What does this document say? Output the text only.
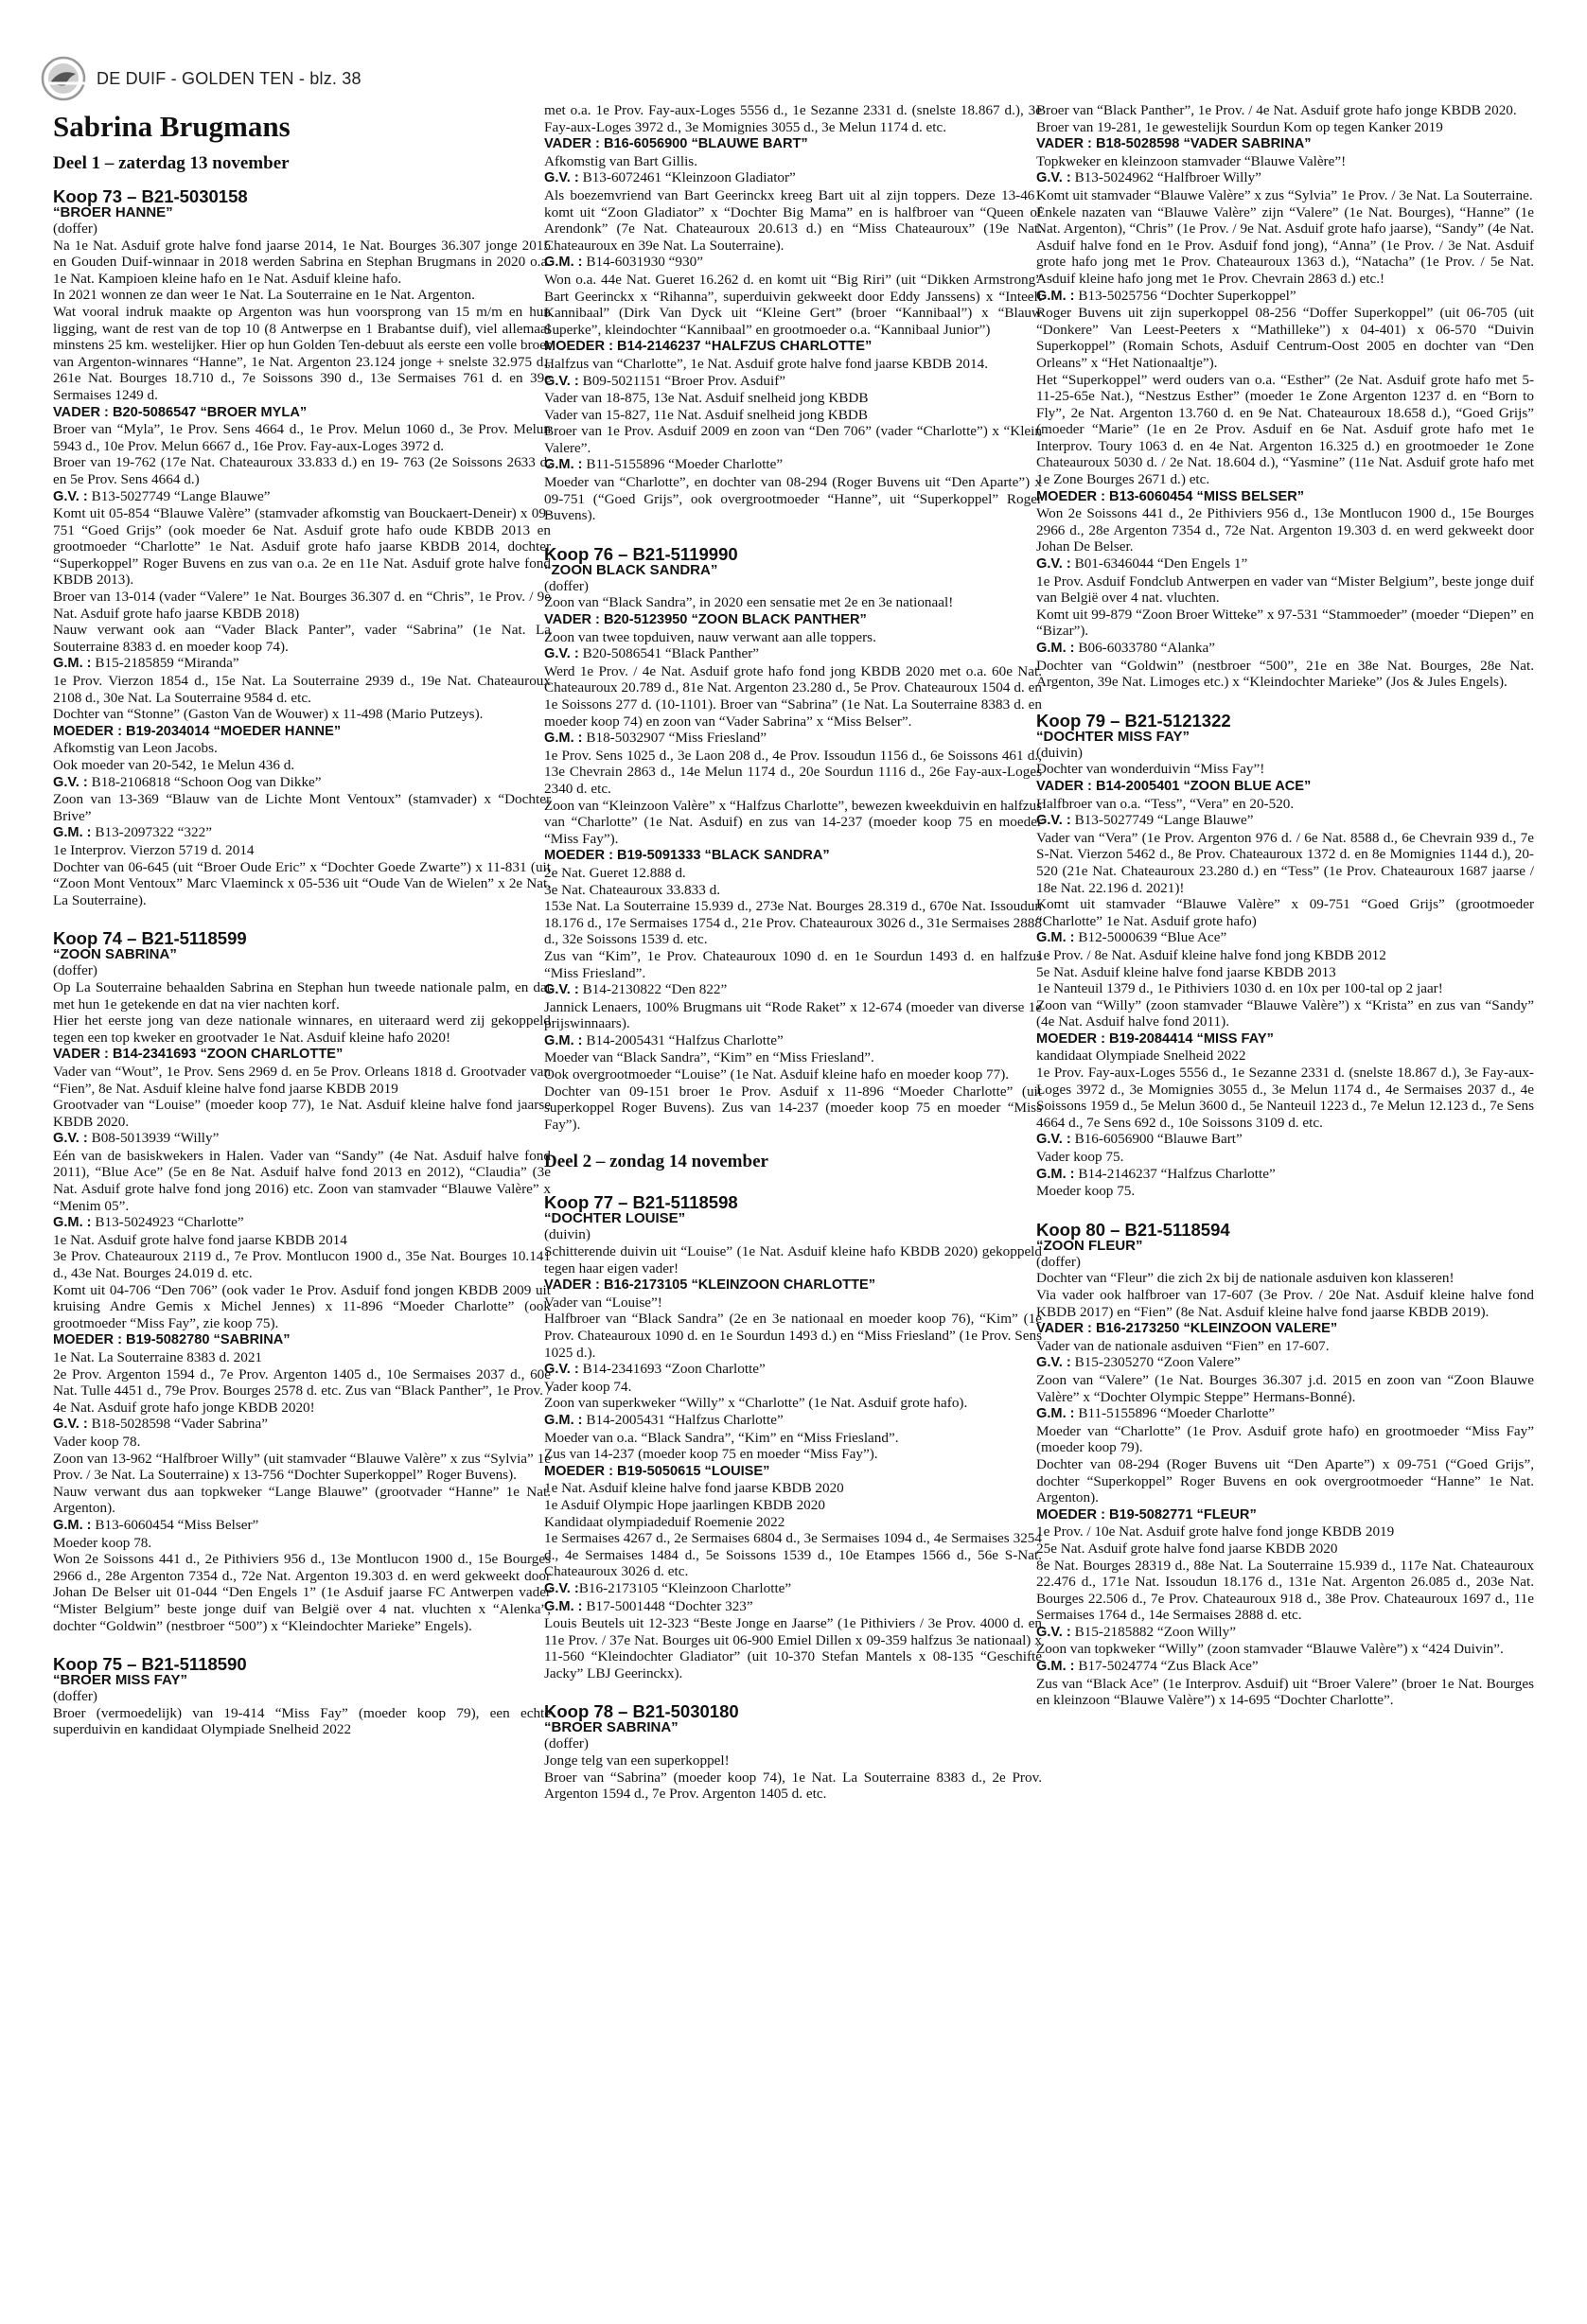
DE DUIF - GOLDEN TEN - blz. 38
Sabrina Brugmans
Deel 1 – zaterdag 13 november
Koop 73 – B21-5030158
“BROER HANNE”

(doffer)

Na 1e Nat. Asduif grote halve fond jaarse 2014, 1e Nat. Bourges 36.307 jonge 2015 en Gouden Duif-winnaar in 2018 werden Sabrina en Stephan Brugmans in 2020 o.a. 1e Nat. Kampioen kleine hafo en 1e Nat. Asduif kleine hafo.

In 2021 wonnen ze dan weer 1e Nat. La Souterraine en 1e Nat. Argenton.

Wat vooral indruk maakte op Argenton was hun voorsprong van 15 m/m en hun ligging, want de rest van de top 10 (8 Antwerpse en 1 Brabantse duif), viel allemaal minstens 25 km. westelijker. Hier op hun Golden Ten-debuut als eerste een volle broer van Argenton-winnares “Hanne”, 1e Nat. Argenton 23.124 jonge + snelste 32.975 d., 261e Nat. Bourges 18.710 d., 7e Soissons 390 d., 13e Sermaises 761 d. en 39e Sermaises 1249 d.

VADER : B20-5086547 “BROER MYLA”

Broer van “Myla”, 1e Prov. Sens 4664 d., 1e Prov. Melun 1060 d., 3e Prov. Melun 5943 d., 10e Prov. Melun 6667 d., 16e Prov. Fay-aux-Loges 3972 d.

Broer van 19-762 (17e Nat. Chateauroux 33.833 d.) en 19- 763 (2e Soissons 2633 d. en 5e Prov. Sens 4664 d.)

G.V. : B13-5027749 “Lange Blauwe”

Komt uit 05-854 “Blauwe Valère” (stamvader afkomstig van Bouckaert-Deneir) x 09-751 “Goed Grijs” (ook moeder 6e Nat. Asduif grote hafo oude KBDB 2013 en grootmoeder “Charlotte” 1e Nat. Asduif grote hafo jaarse KBDB 2014, dochter “Superkoppel” Roger Buvens en zus van o.a. 2e en 11e Nat. Asduif grote halve fond KBDB 2013).

Broer van 13-014 (vader “Valere” 1e Nat. Bourges 36.307 d. en “Chris”, 1e Prov. / 9e Nat. Asduif grote hafo jaarse KBDB 2018)

Nauw verwant ook aan “Vader Black Panter”, vader “Sabrina” (1e Nat. La Souterraine 8383 d. en moeder koop 74).

G.M. : B15-2185859 “Miranda”

1e Prov. Vierzon 1854 d., 15e Nat. La Souterraine 2939 d., 19e Nat. Chateauroux 2108 d., 30e Nat. La Souterraine 9584 d. etc.

Dochter van “Stonne” (Gaston Van de Wouwer) x 11-498 (Mario Putzeys).

MOEDER : B19-2034014 “MOEDER HANNE”

Afkomstig van Leon Jacobs.

Ook moeder van 20-542, 1e Melun 436 d.

G.V. : B18-2106818 “Schoon Oog van Dikke”

Zoon van 13-369 “Blauw van de Lichte Mont Ventoux” (stamvader) x “Dochter Brive”

G.M. : B13-2097322 “322”

1e Interprov. Vierzon 5719 d. 2014

Dochter van 06-645 (uit “Broer Oude Eric” x “Dochter Goede Zwarte”) x 11-831 (uit “Zoon Mont Ventoux” Marc Vlaeminck x 05-536 uit “Oude Van de Wielen” x 2e Nat. La Souterraine).

Koop 74 – B21-5118599
“ZOON SABRINA”

(doffer)

Op La Souterraine behaalden Sabrina en Stephan hun tweede nationale palm, en dat met hun 1e getekende en dat na vier nachten korf.

Hier het eerste jong van deze nationale winnares, en uiteraard werd zij gekoppeld tegen een top kweker en grootvader 1e Nat. Asduif kleine hafo 2020!

VADER : B14-2341693 “ZOON CHARLOTTE”

Vader van “Wout”, 1e Prov. Sens 2969 d. en 5e Prov. Orleans 1818 d. Grootvader van “Fien”, 8e Nat. Asduif kleine halve fond jaarse KBDB 2019

Grootvader van “Louise” (moeder koop 77), 1e Nat. Asduif kleine halve fond jaarse KBDB 2020.

G.V. : B08-5013939 “Willy”

Eén van de basiskwekers in Halen. Vader van “Sandy” (4e Nat. Asduif halve fond 2011), “Blue Ace” (5e en 8e Nat. Asduif halve fond 2013 en 2012), “Claudia” (3e Nat. Asduif grote halve fond jong 2016) etc. Zoon van stamvader “Blauwe Valère” x “Menim 05”.

G.M. : B13-5024923 “Charlotte”

1e Nat. Asduif grote halve fond jaarse KBDB 2014

3e Prov. Chateauroux 2119 d., 7e Prov. Montlucon 1900 d., 35e Nat. Bourges 10.141 d., 43e Nat. Bourges 24.019 d. etc.

Komt uit 04-706 “Den 706” (ook vader 1e Prov. Asduif fond jongen KBDB 2009 uit kruising Andre Gemis x Michel Jennes) x 11-896 “Moeder Charlotte” (ook grootmoeder “Miss Fay”, zie koop 75).

MOEDER : B19-5082780 “SABRINA”

1e Nat. La Souterraine 8383 d. 2021

2e Prov. Argenton 1594 d., 7e Prov. Argenton 1405 d., 10e Sermaises 2037 d., 60e Nat. Tulle 4451 d., 79e Prov. Bourges 2578 d. etc. Zus van “Black Panther”, 1e Prov. / 4e Nat. Asduif grote hafo jonge KBDB 2020!

G.V. : B18-5028598 “Vader Sabrina”

Vader koop 78.

Zoon van 13-962 “Halfbroer Willy” (uit stamvader “Blauwe Valère” x zus “Sylvia” 1e Prov. / 3e Nat. La Souterraine) x 13-756 “Dochter Superkoppel” Roger Buvens).

Nauw verwant dus aan topkweker “Lange Blauwe” (grootvader “Hanne” 1e Nat. Argenton).

G.M. : B13-6060454 “Miss Belser”

Moeder koop 78.

Won 2e Soissons 441 d., 2e Pithiviers 956 d., 13e Montlucon 1900 d., 15e Bourges 2966 d., 28e Argenton 7354 d., 72e Nat. Argenton 19.303 d. en werd gekweekt door Johan De Belser uit 01-044 “Den Engels 1” (1e Asduif jaarse FC Antwerpen vader “Mister Belgium” beste jonge duif van België over 4 nat. vluchten x “Alenka”, dochter “Goldwin” (nestbroer “500”) x “Kleindochter Marieke” Engels).

Koop 75 – B21-5118590
“BROER MISS FAY”

(doffer)

Broer (vermoedelijk) van 19-414 “Miss Fay” (moeder koop 79), een echte superduivin en kandidaat Olympiade Snelheid 2022

met o.a. 1e Prov. Fay-aux-Loges 5556 d., 1e Sezanne 2331 d. (snelste 18.867 d.), 3e Fay-aux-Loges 3972 d., 3e Momignies 3055 d., 3e Melun 1174 d. etc.

VADER : B16-6056900 “BLAUWE BART”

Afkomstig van Bart Gillis.

G.V. : B13-6072461 “Kleinzoon Gladiator”

Als boezemvriend van Bart Geerinckx kreeg Bart uit al zijn toppers. Deze 13-461 komt uit “Zoon Gladiator” x “Dochter Big Mama” en is halfbroer van “Queen of Arendonk” (7e Nat. Chateauroux 20.613 d.) en “Miss Chateauroux” (19e Nat. Chateauroux en 39e Nat. La Souterraine).

G.M. : B14-6031930 “930”

Won o.a. 44e Nat. Gueret 16.262 d. en komt uit “Big Riri” (uit “Dikken Armstrong” Bart Geerinckx x “Rihanna”, superduivin gekweekt door Eddy Janssens) x “Inteelt Kannibaal” (Dirk Van Dyck uit “Kleine Gert” (broer “Kannibaal”) x “Blauw Superke”, kleindochter “Kannibaal” en grootmoeder o.a. “Kannibaal Junior”)

MOEDER : B14-2146237 “HALFZUS CHARLOTTE”

Halfzus van “Charlotte”, 1e Nat. Asduif grote halve fond jaarse KBDB 2014.

G.V. : B09-5021151 “Broer Prov. Asduif”

Vader van 18-875, 13e Nat. Asduif snelheid jong KBDB

Vader van 15-827, 11e Nat. Asduif snelheid jong KBDB

Broer van 1e Prov. Asduif 2009 en zoon van “Den 706” (vader “Charlotte”) x “Klein Valere”.

G.M. : B11-5155896 “Moeder Charlotte”

Moeder van “Charlotte”, en dochter van 08-294 (Roger Buvens uit “Den Aparte”) x 09-751 (“Goed Grijs”, ook overgrootmoeder “Hanne”, uit “Superkoppel” Roger Buvens).

Koop 76 – B21-5119990
“ZOON BLACK SANDRA”

(doffer)

Zoon van “Black Sandra”, in 2020 een sensatie met 2e en 3e nationaal!

VADER : B20-5123950 “ZOON BLACK PANTHER”

Zoon van twee topduiven, nauw verwant aan alle toppers.

G.V. : B20-5086541 “Black Panther”

Werd 1e Prov. / 4e Nat. Asduif grote hafo fond jong KBDB 2020 met o.a. 60e Nat. Chateauroux 20.789 d., 81e Nat. Argenton 23.280 d., 5e Prov. Chateauroux 1504 d. en 1e Soissons 277 d. (10-1101). Broer van “Sabrina” (1e Nat. La Souterraine 8383 d. en moeder koop 74) en zoon van “Vader Sabrina” x “Miss Belser”.

G.M. : B18-5032907 “Miss Friesland”

1e Prov. Sens 1025 d., 3e Laon 208 d., 4e Prov. Issoudun 1156 d., 6e Soissons 461 d., 13e Chevrain 2863 d., 14e Melun 1174 d., 20e Sourdun 1116 d., 26e Fay-aux-Loges 2340 d. etc.

Zoon van “Kleinzoon Valère” x “Halfzus Charlotte”, bewezen kweekduivin en halfzus van “Charlotte” (1e Nat. Asduif) en zus van 14-237 (moeder koop 75 en moeder “Miss Fay”).

MOEDER : B19-5091333 “BLACK SANDRA”

2e Nat. Gueret 12.888 d.

3e Nat. Chateauroux 33.833 d.

153e Nat. La Souterraine 15.939 d., 273e Nat. Bourges 28.319 d., 670e Nat. Issoudun 18.176 d., 17e Sermaises 1754 d., 21e Prov. Chateauroux 3026 d., 31e Sermaises 2888 d., 32e Soissons 1539 d. etc.

Zus van “Kim”, 1e Prov. Chateauroux 1090 d. en 1e Sourdun 1493 d. en halfzus “Miss Friesland”.

G.V. : B14-2130822 “Den 822”

Jannick Lenaers, 100% Brugmans uit “Rode Raket” x 12-674 (moeder van diverse 1e prijswinnaars).

G.M. : B14-2005431 “Halfzus Charlotte”

Moeder van “Black Sandra”, “Kim” en “Miss Friesland”.

Ook overgrootmoeder “Louise” (1e Nat. Asduif kleine hafo en moeder koop 77).

Dochter van 09-151 broer 1e Prov. Asduif x 11-896 “Moeder Charlotte” (uit superkoppel Roger Buvens). Zus van 14-237 (moeder koop 75 en moeder “Miss Fay”).

Deel 2 – zondag 14 november
Koop 77 – B21-5118598
“DOCHTER LOUISE”

(duivin)

Schitterende duivin uit “Louise” (1e Nat. Asduif kleine hafo KBDB 2020) gekoppeld tegen haar eigen vader!

VADER : B16-2173105 “KLEINZOON CHARLOTTE”

Vader van “Louise”!

Halfbroer van “Black Sandra” (2e en 3e nationaal en moeder koop 76), “Kim” (1e Prov. Chateauroux 1090 d. en 1e Sourdun 1493 d.) en “Miss Friesland” (1e Prov. Sens 1025 d.).

G.V. : B14-2341693 “Zoon Charlotte”

Vader koop 74.

Zoon van superkweker “Willy” x “Charlotte” (1e Nat. Asduif grote hafo).

G.M. : B14-2005431 “Halfzus Charlotte”

Moeder van o.a. “Black Sandra”, “Kim” en “Miss Friesland”.

Zus van 14-237 (moeder koop 75 en moeder “Miss Fay”).

MOEDER : B19-5050615 “LOUISE”

1e Nat. Asduif kleine halve fond jaarse KBDB 2020

1e Asduif Olympic Hope jaarlingen KBDB 2020

Kandidaat olympiadeduif Roemenie 2022

1e Sermaises 4267 d., 2e Sermaises 6804 d., 3e Sermaises 1094 d., 4e Sermaises 3254 d., 4e Sermaises 1484 d., 5e Soissons 1539 d., 10e Etampes 1566 d., 56e S-Nat. Chateauroux 3026 d. etc.

G.V. :B16-2173105 “Kleinzoon Charlotte”

G.M. : B17-5001448 “Dochter 323”

Louis Beutels uit 12-323 “Beste Jonge en Jaarse” (1e Pithiviers / 3e Prov. 4000 d. en 11e Prov. / 37e Nat. Bourges uit 06-900 Emiel Dillen x 09-359 halfzus 3e nationaal) x 11-560 “Kleindochter Gladiator” (uit 10-370 Stefan Mantels x 08-135 “Geschifte Jacky” LBJ Geerinckx).

Koop 78 – B21-5030180
“BROER SABRINA”

(doffer)

Jonge telg van een superkoppel!

Broer van “Sabrina” (moeder koop 74), 1e Nat. La Souterraine 8383 d., 2e Prov. Argenton 1594 d., 7e Prov. Argenton 1405 d. etc.

Broer van “Black Panther”, 1e Prov. / 4e Nat. Asduif grote hafo jonge KBDB 2020.

Broer van 19-281, 1e gewestelijk Sourdun Kom op tegen Kanker 2019

VADER : B18-5028598 “VADER SABRINA”

Topkweker en kleinzoon stamvader “Blauwe Valère”!

G.V. : B13-5024962 “Halfbroer Willy”

Komt uit stamvader “Blauwe Valère” x zus “Sylvia” 1e Prov. / 3e Nat. La Souterraine.

Enkele nazaten van “Blauwe Valère” zijn “Valere” (1e Nat. Bourges), “Hanne” (1e Nat. Argenton), “Chris” (1e Prov. / 9e Nat. Asduif grote hafo jaarse), “Sandy” (4e Nat. Asduif halve fond en 1e Prov. Asduif fond jong), “Anna” (1e Prov. / 3e Nat. Asduif grote hafo jong met 1e Prov. Chateauroux 1363 d.), “Natacha” (1e Prov. / 5e Nat. Asduif kleine hafo jong met 1e Prov. Chevrain 2863 d.) etc.!

G.M. : B13-5025756 “Dochter Superkoppel”

Roger Buvens uit zijn superkoppel 08-256 “Doffer Superkoppel” (uit 06-705 (uit “Donkere” Van Leest-Peeters x “Mathilleke”) x 04-401) x 06-570 “Duivin Superkoppel” (Romain Schots, Asduif Centrum-Oost 2005 en dochter van “Den Orleans” x “Het Nationaaltje”).

Het “Superkoppel” werd ouders van o.a. “Esther” (2e Nat. Asduif grote hafo met 5-11-25-65e Nat.), “Nestzus Esther” (moeder 1e Zone Argenton 1237 d. en “Born to Fly”, 2e Nat. Argenton 13.760 d. en 9e Nat. Chateauroux 18.658 d.), “Goed Grijs” (moeder “Marie” (1e en 2e Prov. Asduif en 6e Nat. Asduif grote hafo met 1e Interprov. Toury 1063 d. en 4e Nat. Argenton 16.325 d.) en grootmoeder 1e Zone Chateauroux 5030 d. / 2e Nat. 18.604 d.), “Yasmine” (11e Nat. Asduif grote hafo met 1e Zone Bourges 2671 d.) etc.

MOEDER : B13-6060454 “MISS BELSER”

Won 2e Soissons 441 d., 2e Pithiviers 956 d., 13e Montlucon 1900 d., 15e Bourges 2966 d., 28e Argenton 7354 d., 72e Nat. Argenton 19.303 d. en werd gekweekt door Johan De Belser.

G.V. : B01-6346044 “Den Engels 1”

1e Prov. Asduif Fondclub Antwerpen en vader van “Mister Belgium”, beste jonge duif van België over 4 nat. vluchten.

Komt uit 99-879 “Zoon Broer Witteke” x 97-531 “Stammoeder” (moeder “Diepen” en “Bizar”).

G.M. : B06-6033780 “Alanka”

Dochter van “Goldwin” (nestbroer “500”, 21e en 38e Nat. Bourges, 28e Nat. Argenton, 39e Nat. Limoges etc.) x “Kleindochter Marieke” (Jos & Jules Engels).

Koop 79 – B21-5121322
“DOCHTER MISS FAY”

(duivin)

Dochter van wonderduivin “Miss Fay”!

VADER : B14-2005401 “ZOON BLUE ACE”

Halfbroer van o.a. “Tess”, “Vera” en 20-520.

G.V. : B13-5027749 “Lange Blauwe”

Vader van “Vera” (1e Prov. Argenton 976 d. / 6e Nat. 8588 d., 6e Chevrain 939 d., 7e S-Nat. Vierzon 5462 d., 8e Prov. Chateauroux 1372 d. en 8e Momignies 1144 d.), 20-520 (21e Nat. Chateauroux 23.280 d.) en “Tess” (1e Prov. Chateauroux 1687 jaarse / 18e Nat. 22.196 d. 2021)!

Komt uit stamvader “Blauwe Valère” x 09-751 “Goed Grijs” (grootmoeder “Charlotte” 1e Nat. Asduif grote hafo)

G.M. : B12-5000639 “Blue Ace”

1e Prov. / 8e Nat. Asduif kleine halve fond jong KBDB 2012

5e Nat. Asduif kleine halve fond jaarse KBDB 2013

1e Nanteuil 1379 d., 1e Pithiviers 1030 d. en 10x per 100-tal op 2 jaar!

Zoon van “Willy” (zoon stamvader “Blauwe Valère”) x “Krista” en zus van “Sandy” (4e Nat. Asduif halve fond 2011).

MOEDER : B19-2084414 “MISS FAY”

kandidaat Olympiade Snelheid 2022

1e Prov. Fay-aux-Loges 5556 d., 1e Sezanne 2331 d. (snelste 18.867 d.), 3e Fay-aux-Loges 3972 d., 3e Momignies 3055 d., 3e Melun 1174 d., 4e Sermaises 2037 d., 4e Soissons 1959 d., 5e Melun 3600 d., 5e Nanteuil 1223 d., 7e Melun 12.123 d., 7e Sens 4664 d., 7e Sens 692 d., 10e Soissons 3109 d. etc.

G.V. : B16-6056900 “Blauwe Bart”

Vader koop 75.

G.M. : B14-2146237 “Halfzus Charlotte”

Moeder koop 75.

Koop 80 – B21-5118594
“ZOON FLEUR”

(doffer)

Dochter van “Fleur” die zich 2x bij de nationale asduiven kon klasseren!

Via vader ook halfbroer van 17-607 (3e Prov. / 20e Nat. Asduif kleine halve fond KBDB 2017) en “Fien” (8e Nat. Asduif kleine halve fond jaarse KBDB 2019).

VADER : B16-2173250 “KLEINZOON VALERE”

Vader van de nationale asduiven “Fien” en 17-607.

G.V. : B15-2305270 “Zoon Valere”

Zoon van “Valere” (1e Nat. Bourges 36.307 j.d. 2015 en zoon van “Zoon Blauwe Valère” x “Dochter Olympic Steppe” Hermans-Bonné).

G.M. : B11-5155896 “Moeder Charlotte”

Moeder van “Charlotte” (1e Prov. Asduif grote hafo) en grootmoeder “Miss Fay” (moeder koop 79).

Dochter van 08-294 (Roger Buvens uit “Den Aparte”) x 09-751 (“Goed Grijs”, dochter “Superkoppel” Roger Buvens en ook overgrootmoeder “Hanne” 1e Nat. Argenton).

MOEDER : B19-5082771 “FLEUR”

1e Prov. / 10e Nat. Asduif grote halve fond jonge KBDB 2019

25e Nat. Asduif grote halve fond jaarse KBDB 2020

8e Nat. Bourges 28319 d., 88e Nat. La Souterraine 15.939 d., 117e Nat. Chateauroux 22.476 d., 171e Nat. Issoudun 18.176 d., 131e Nat. Argenton 26.085 d., 203e Nat. Bourges 22.506 d., 7e Prov. Chateauroux 918 d., 38e Prov. Chateauroux 1697 d., 11e Sermaises 1764 d., 14e Sermaises 2888 d. etc.

G.V. : B15-2185882 “Zoon Willy”

Zoon van topkweker “Willy” (zoon stamvader “Blauwe Valère”) x “424 Duivin”.

G.M. : B17-5024774 “Zus Black Ace”

Zus van “Black Ace” (1e Interprov. Asduif) uit “Broer Valere” (broer 1e Nat. Bourges en kleinzoon “Blauwe Valère”) x 14-695 “Dochter Charlotte”.
